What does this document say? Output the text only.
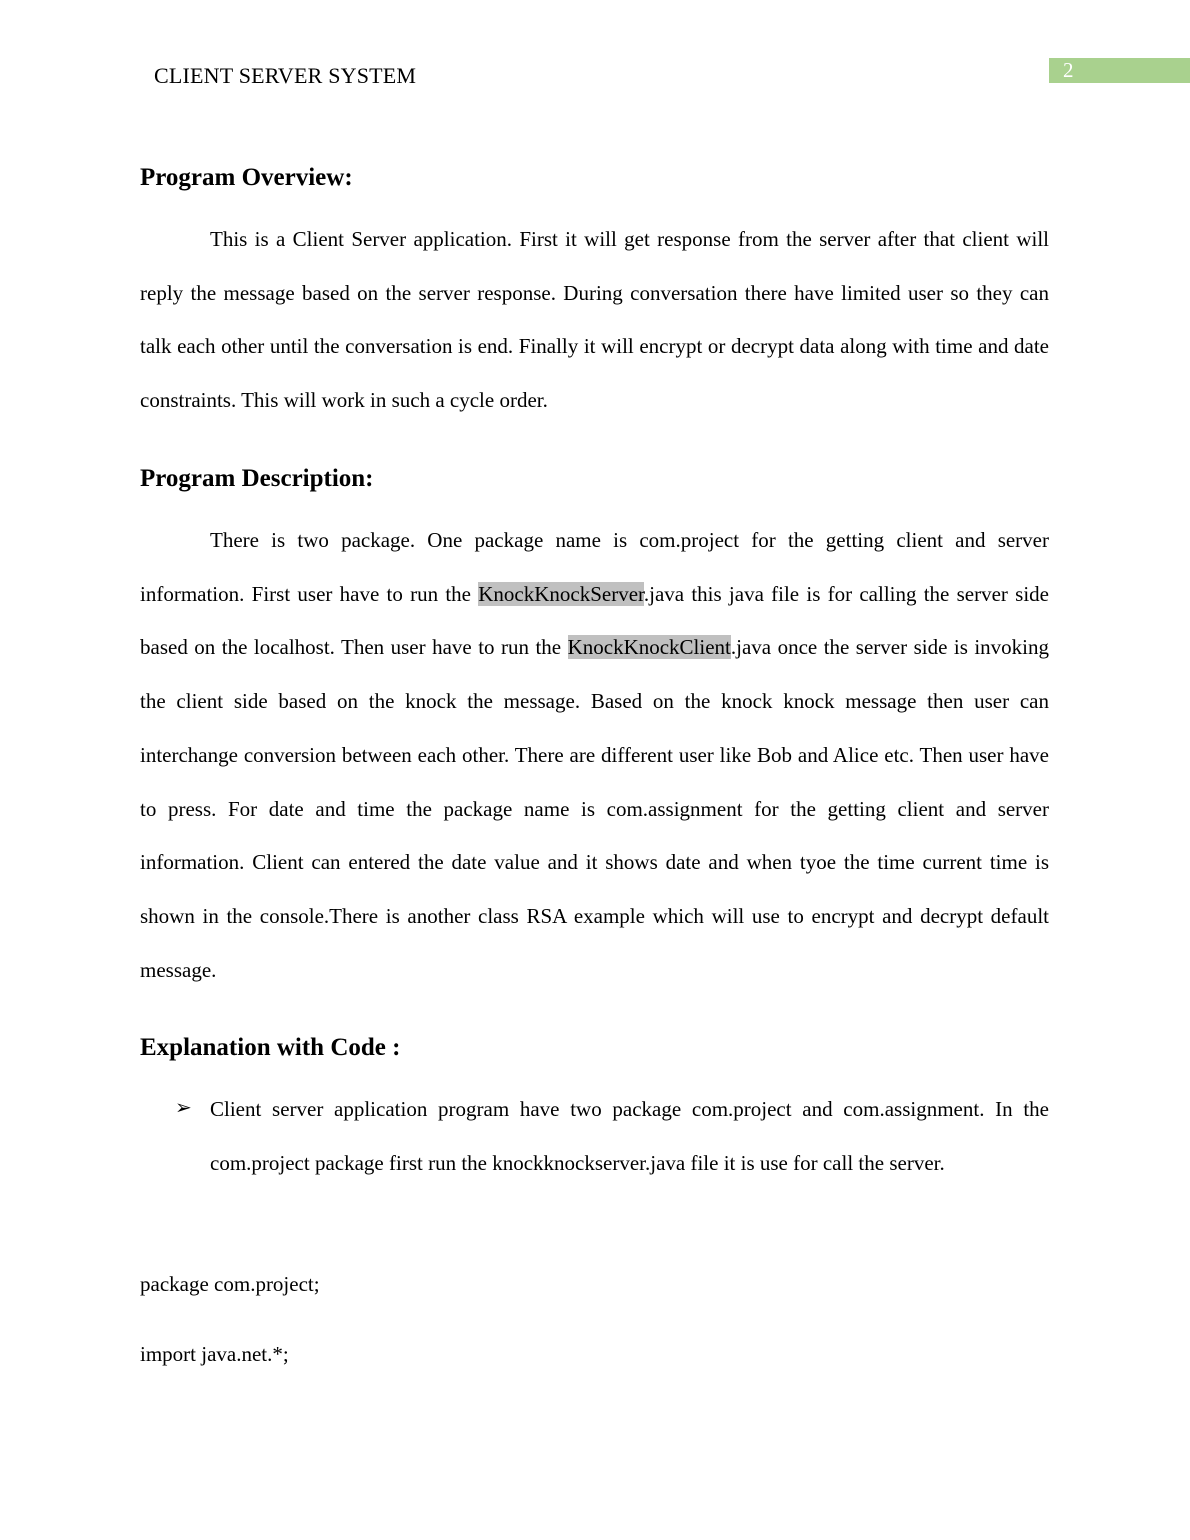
CLIENT SERVER SYSTEM	2
Program Overview:
This is a Client Server application. First it will get response from the server after that client will reply the message based on the server response. During conversation there have limited user so they can talk each other until the conversation is end. Finally it will encrypt or decrypt data along with time and date constraints. This will work in such a cycle order.
Program Description:
There is two package. One package name is com.project for the getting client and server information. First user have to run the KnockKnockServer.java this java file is for calling the server side based on the localhost. Then user have to run the KnockKnockClient.java once the server side is invoking the client side based on the knock the message. Based on the knock knock message then user can interchange conversion between each other. There are different user like Bob and Alice etc. Then user have to press. For date and time the package name is com.assignment for the getting client and server information. Client can entered the date value and it shows date and when tyoe the time current time is shown in the console.There is another class RSA example which will use to encrypt and decrypt default message.
Explanation with Code :
➢ Client server application program have two package com.project and com.assignment. In the com.project package first run the knockknockserver.java file it is use for call the server.
package com.project;
import java.net.*;
